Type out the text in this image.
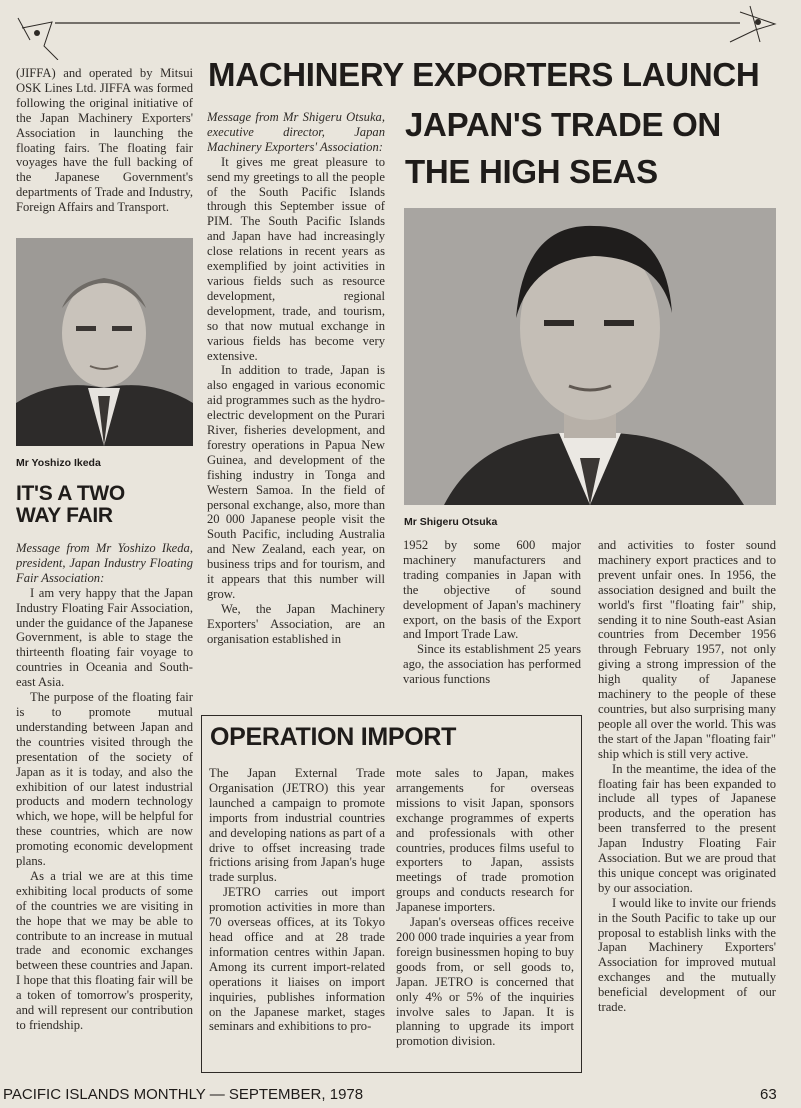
MACHINERY EXPORTERS LAUNCH
JAPAN'S TRADE ON
THE HIGH SEAS
(JIFFA) and operated by Mitsui OSK Lines Ltd. JIFFA was formed following the original initiative of the Japan Machinery Exporters' Association in launching the floating fairs. The floating fair voyages have the full backing of the Japanese Government's departments of Trade and Industry, Foreign Affairs and Transport.
Mr Yoshizo Ikeda
IT'S A TWO
WAY FAIR
Message from Mr Yoshizo Ikeda, president, Japan Industry Floating Fair Association:
I am very happy that the Japan Industry Floating Fair Association, under the guidance of the Japanese Government, is able to stage the thirteenth floating fair voyage to countries in Oceania and South-east Asia.
The purpose of the floating fair is to promote mutual understanding between Japan and the countries visited through the presentation of the society of Japan as it is today, and also the exhibition of our latest industrial products and modern technology which, we hope, will be helpful for these countries, which are now promoting economic development plans.
As a trial we are at this time exhibiting local products of some of the countries we are visiting in the hope that we may be able to contribute to an increase in mutual trade and economic exchanges between these countries and Japan. I hope that this floating fair will be a token of tomorrow's prosperity, and will represent our contribution to friendship.
Message from Mr Shigeru Otsuka, executive director, Japan Machinery Exporters' Association:
It gives me great pleasure to send my greetings to all the people of the South Pacific Islands through this September issue of PIM. The South Pacific Islands and Japan have had increasingly close relations in recent years as exemplified by joint activities in various fields such as resource development, regional development, trade, and tourism, so that now mutual exchange in various fields has become very extensive.
In addition to trade, Japan is also engaged in various economic aid programmes such as the hydro-electric development on the Purari River, fisheries development, and forestry operations in Papua New Guinea, and development of the fishing industry in Tonga and Western Samoa. In the field of personal exchange, also, more than 20 000 Japanese people visit the South Pacific, including Australia and New Zealand, each year, on business trips and for tourism, and it appears that this number will grow.
We, the Japan Machinery Exporters' Association, are an organisation established in
Mr Shigeru Otsuka
1952 by some 600 major machinery manufacturers and trading companies in Japan with the objective of sound development of Japan's machinery export, on the basis of the Export and Import Trade Law.
Since its establishment 25 years ago, the association has performed various functions
and activities to foster sound machinery export practices and to prevent unfair ones. In 1956, the association designed and built the world's first "floating fair" ship, sending it to nine South-east Asian countries from December 1956 through February 1957, not only giving a strong impression of the high quality of Japanese machinery to the people of these countries, but also surprising many people all over the world. This was the start of the Japan "floating fair" ship which is still very active.
In the meantime, the idea of the floating fair has been expanded to include all types of Japanese products, and the operation has been transferred to the present Japan Industry Floating Fair Association. But we are proud that this unique concept was originated by our association.
I would like to invite our friends in the South Pacific to take up our proposal to establish links with the Japan Machinery Exporters' Association for improved mutual exchanges and the mutually beneficial development of our trade.
OPERATION IMPORT
The Japan External Trade Organisation (JETRO) this year launched a campaign to promote imports from industrial countries and developing nations as part of a drive to offset increasing trade frictions arising from Japan's huge trade surplus.
JETRO carries out import promotion activities in more than 70 overseas offices, at its Tokyo head office and at 28 trade information centres within Japan. Among its current import-related operations it liaises on import inquiries, publishes information on the Japanese market, stages seminars and exhibitions to pro-
mote sales to Japan, makes arrangements for overseas missions to visit Japan, sponsors exchange programmes of experts and professionals with other countries, produces films useful to exporters to Japan, assists meetings of trade promotion groups and conducts research for Japanese importers.
Japan's overseas offices receive 200 000 trade inquiries a year from foreign businessmen hoping to buy goods from, or sell goods to, Japan. JETRO is concerned that only 4% or 5% of the inquiries involve sales to Japan. It is planning to upgrade its import promotion division.
PACIFIC ISLANDS MONTHLY — SEPTEMBER, 1978	63
